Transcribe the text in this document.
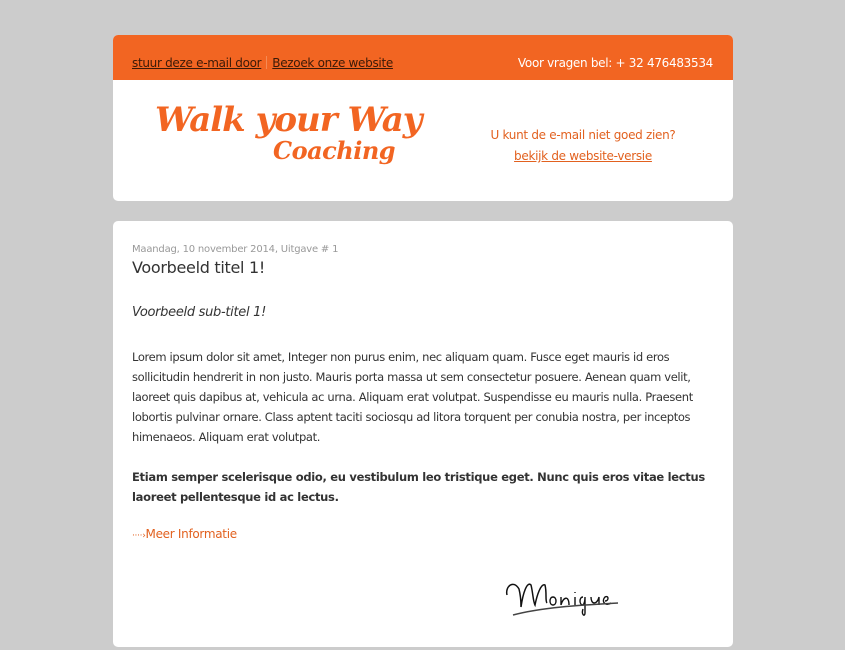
stuur deze e-mail door Bezoek onze website	Voor vragen bel: + 32 476483534
Walk your Way
Coaching
U kunt de e-mail niet goed zien?
bekijk de website-versie
Maandag, 10 november 2014, Uitgave # 1
Voorbeeld titel 1!
Voorbeeld sub-titel 1!
Lorem ipsum dolor sit amet, Integer non purus enim, nec aliquam quam. Fusce eget mauris id eros
sollicitudin hendrerit in non justo. Mauris porta massa ut sem consectetur posuere. Aenean quam velit,
laoreet quis dapibus at, vehicula ac urna. Aliquam erat volutpat. Suspendisse eu mauris nulla. Praesent
lobortis pulvinar ornare. Class aptent taciti sociosqu ad litora torquent per conubia nostra, per inceptos
himenaeos. Aliquam erat volutpat.
Etiam semper scelerisque odio, eu vestibulum leo tristique eget. Nunc quis eros vitae lectus
laoreet pellentesque id ac lectus.
····›Meer Informatie
